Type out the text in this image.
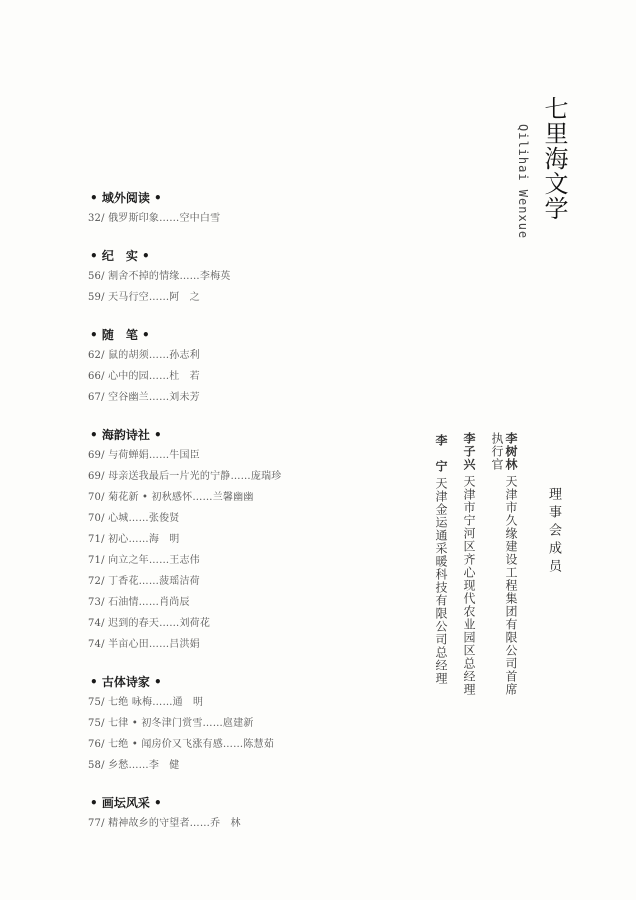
• 域外阅读 •
32/ 俄罗斯印象……空中白雪
• 纪　实 •
56/ 割舍不掉的情缘……李梅英
59/ 天马行空……阿　之
• 随　笔 •
62/ 鼠的胡须……孙志利
66/ 心中的园……杜　若
67/ 空谷幽兰……刘未芳
• 海韵诗社 •
69/ 与荷蝉娟……牛国臣
69/ 母亲送我最后一片光的宁静……庞瑞珍
70/ 菊花新 • 初秋感怀……兰馨幽幽
70/ 心城……张俊贤
71/ 初心……海　明
71/ 向立之年……王志伟
72/ 丁香花……菠瑶洁荷
73/ 石油情……肖尚辰
74/ 迟到的春天……刘荷花
74/ 半亩心田……吕洪娟
• 古体诗家 •
75/ 七绝 咏梅……通　明
75/ 七律 • 初冬津门赏雪……扈建新
76/ 七绝 • 闻房价又飞涨有感……陈慧茹
58/ 乡愁……李　健
• 画坛风采 •
77/ 精神故乡的守望者……乔　林
七里海文学
Qilihai Wenxue
理事会成员
李树林 天津市久缘建设工程集团有限公司首席执行官
李子兴 天津市宁河区齐心现代农业园区总经理
李　宁 天津金运通采暖科技有限公司总经理
